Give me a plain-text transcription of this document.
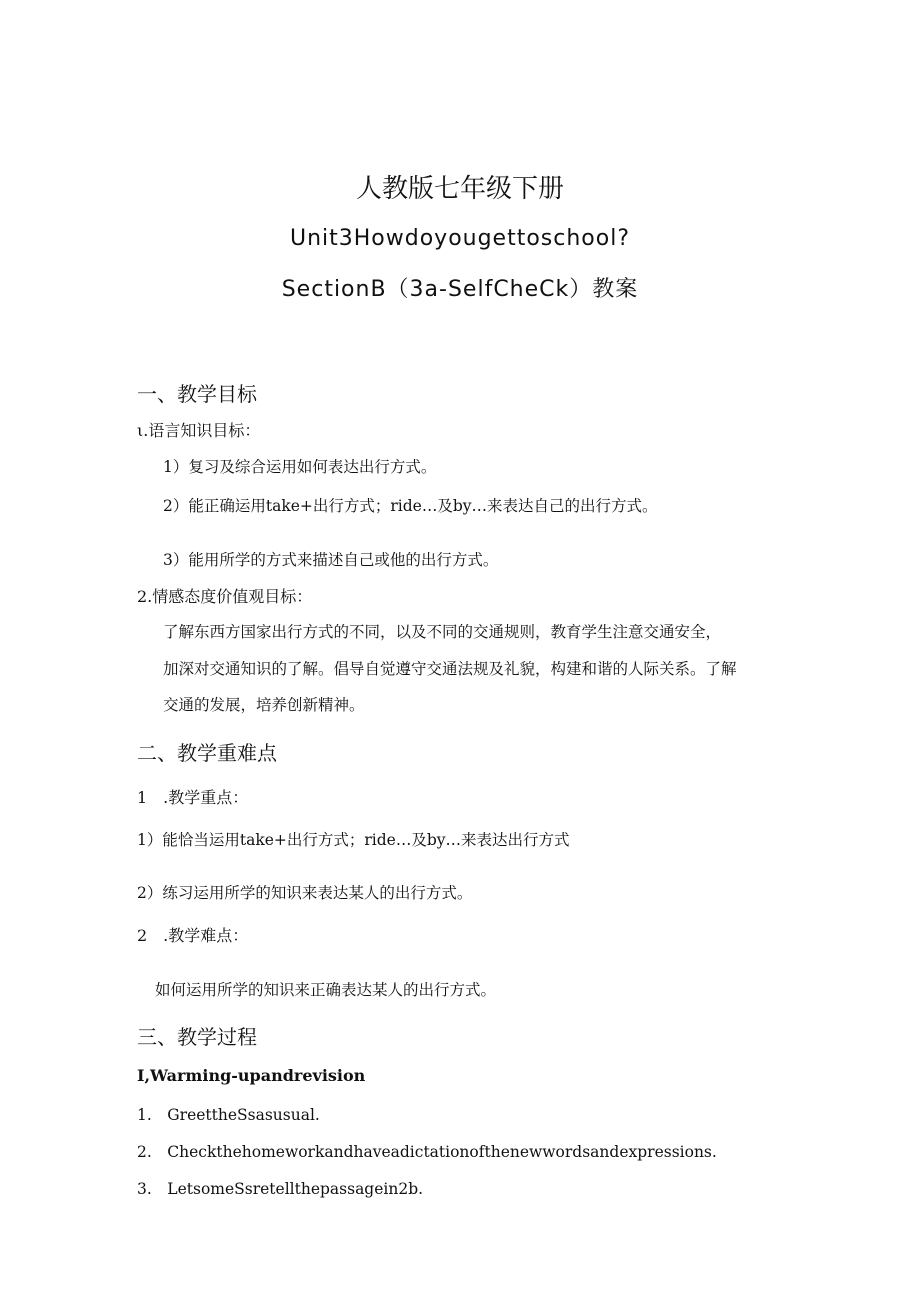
人教版七年级下册
Unit3Howdoyougettoschool?
SectionB（3a-SelfCheCk）教案
一、教学目标
ι.语言知识目标：
1）复习及综合运用如何表达出行方式。
2）能正确运用take+出行方式；ride…及by…来表达自己的出行方式。
3）能用所学的方式来描述自己或他的出行方式。
2.情感态度价值观目标：
了解东西方国家出行方式的不同，以及不同的交通规则，教育学生注意交通安全，
加深对交通知识的了解。倡导自觉遵守交通法规及礼貌，构建和谐的人际关系。了解
交通的发展，培养创新精神。
二、教学重难点
1　.教学重点：
1）能恰当运用take+出行方式；ride…及by…来表达出行方式
2）练习运用所学的知识来表达某人的出行方式。
2　.教学难点：
如何运用所学的知识来正确表达某人的出行方式。
三、教学过程
I,Warming-upandrevision
1.　GreettheSsasusual.
2.　Checkthehomeworkandhaveadictationofthenewwordsandexpressions.
3.　LetsomeSsretellthepassagein2b.
